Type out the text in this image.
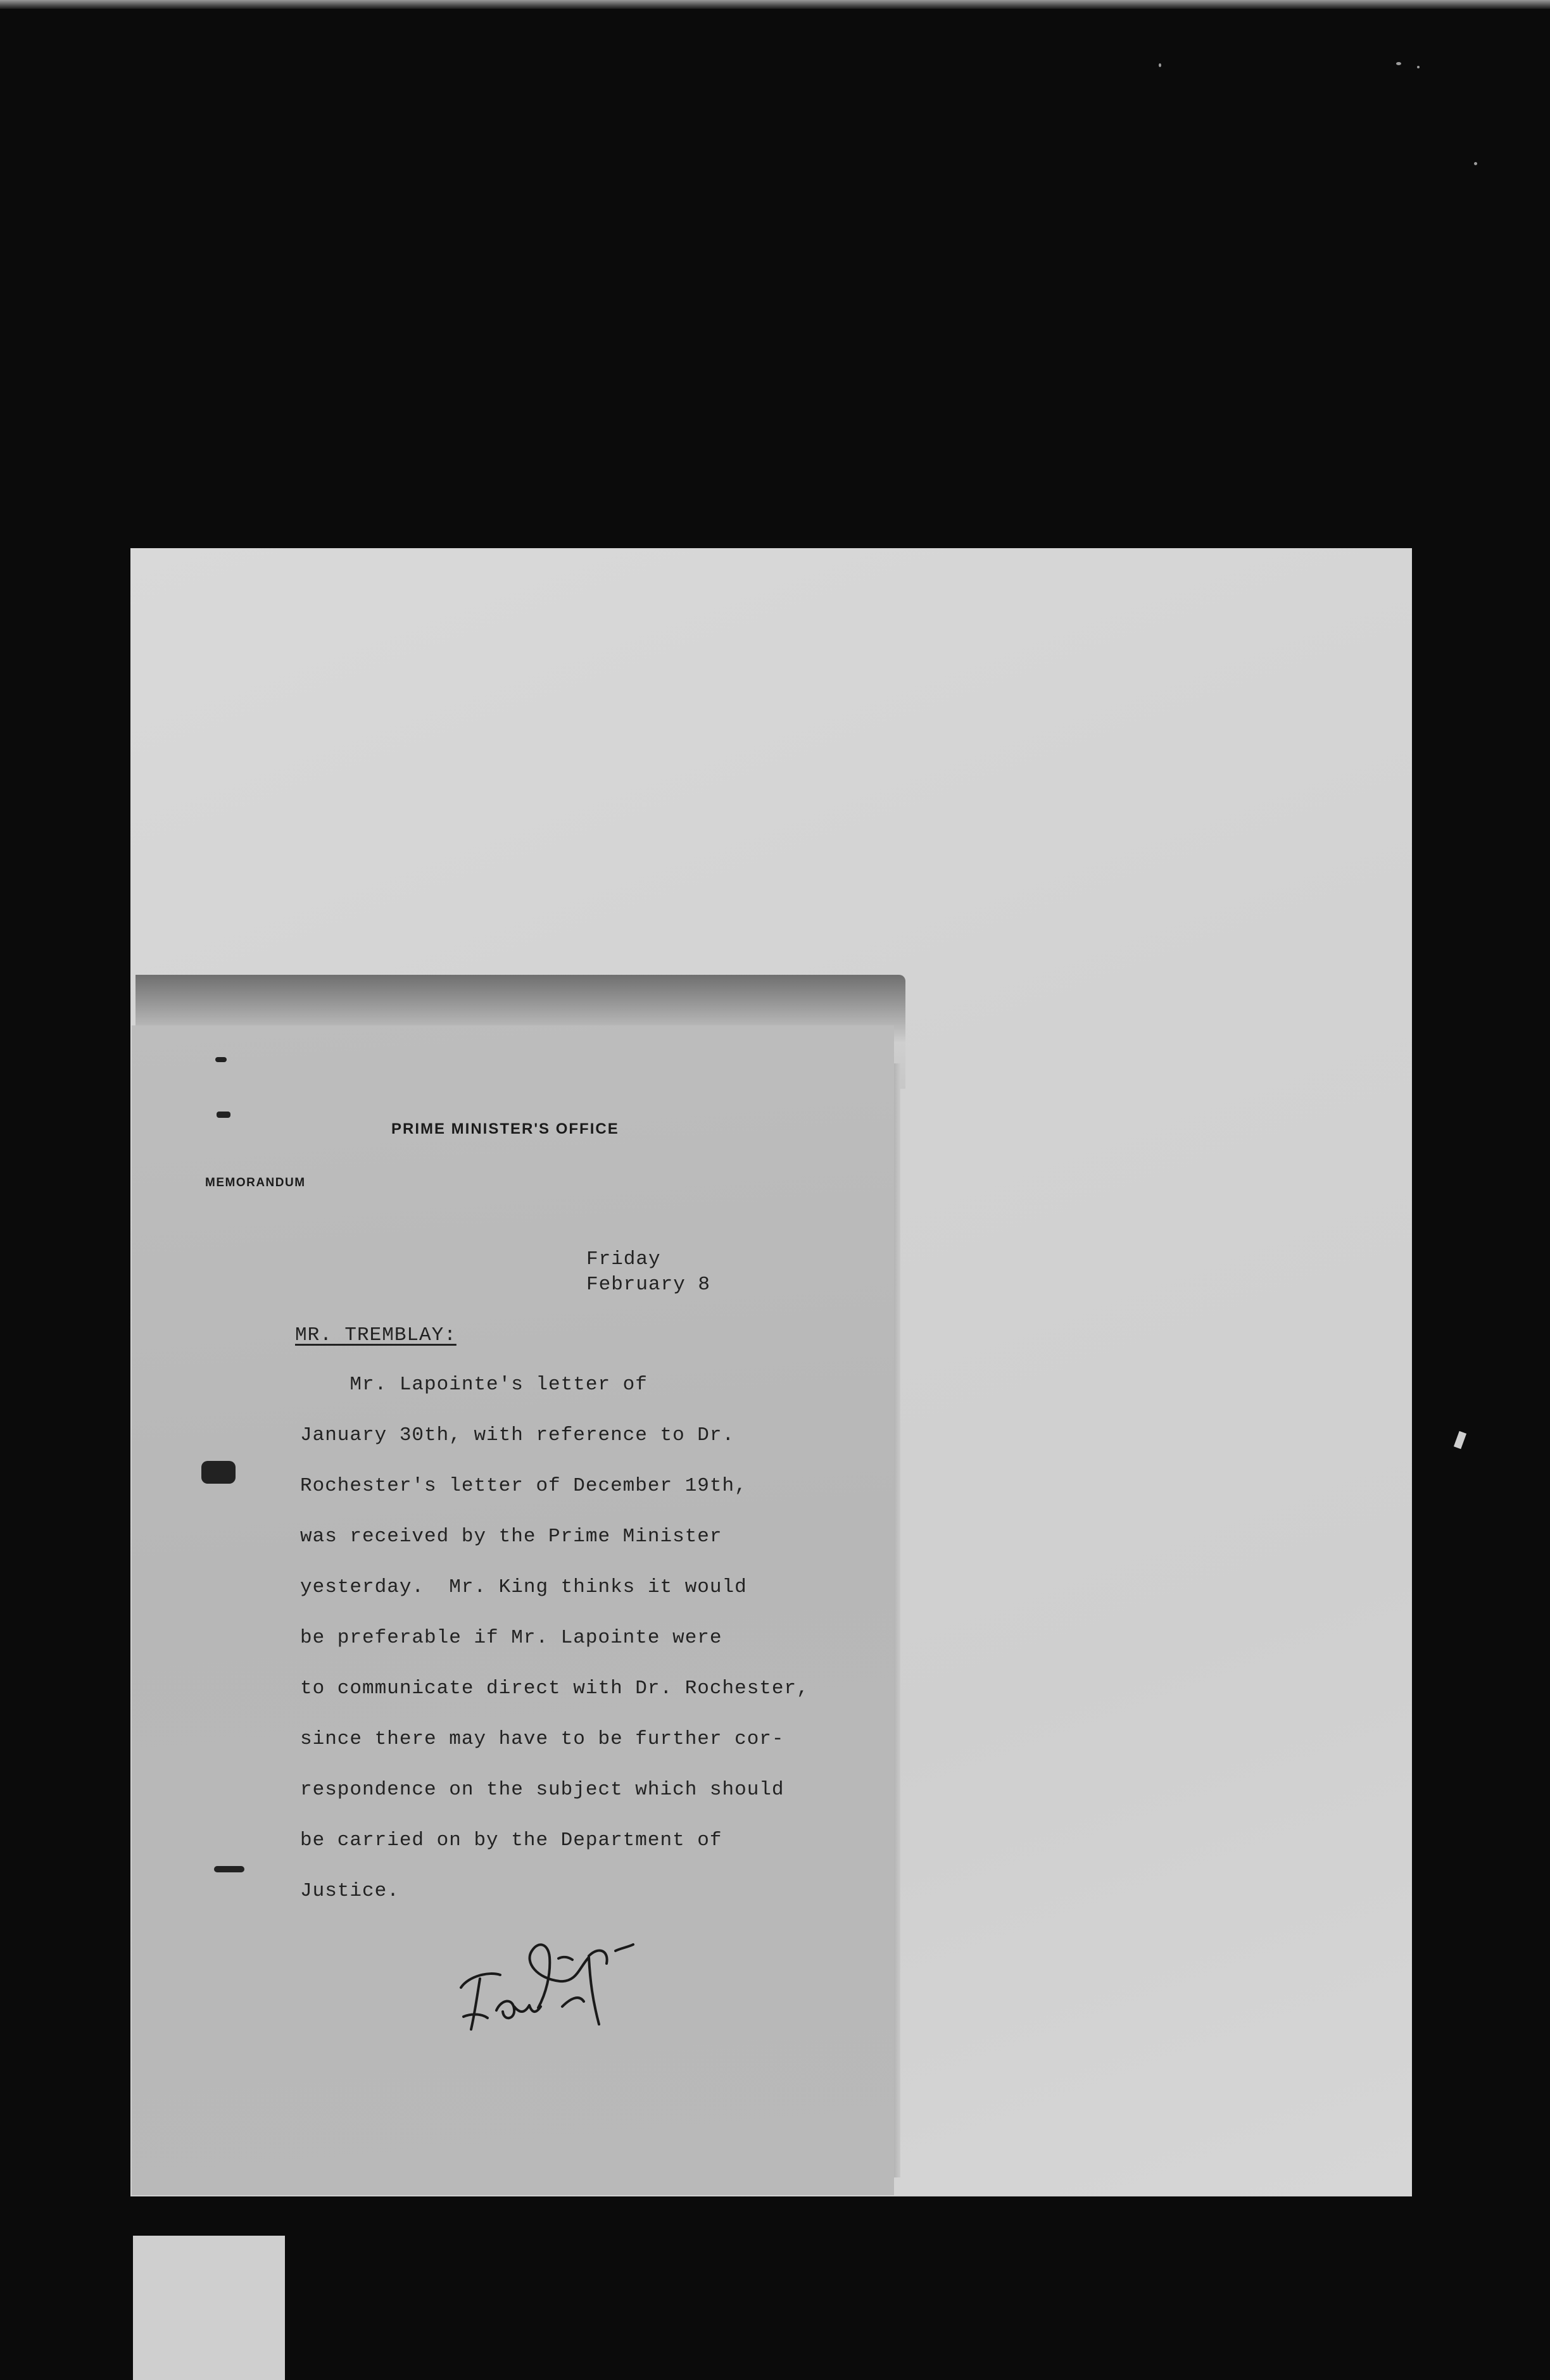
PRIME MINISTER'S OFFICE
MEMORANDUM
Friday
February 8
MR. TREMBLAY:
Mr. Lapointe's letter of
January 30th, with reference to Dr.
Rochester's letter of December 19th,
was received by the Prime Minister
yesterday.  Mr. King thinks it would
be preferable if Mr. Lapointe were
to communicate direct with Dr. Rochester,
since there may have to be further cor-
respondence on the subject which should
be carried on by the Department of
Justice.
